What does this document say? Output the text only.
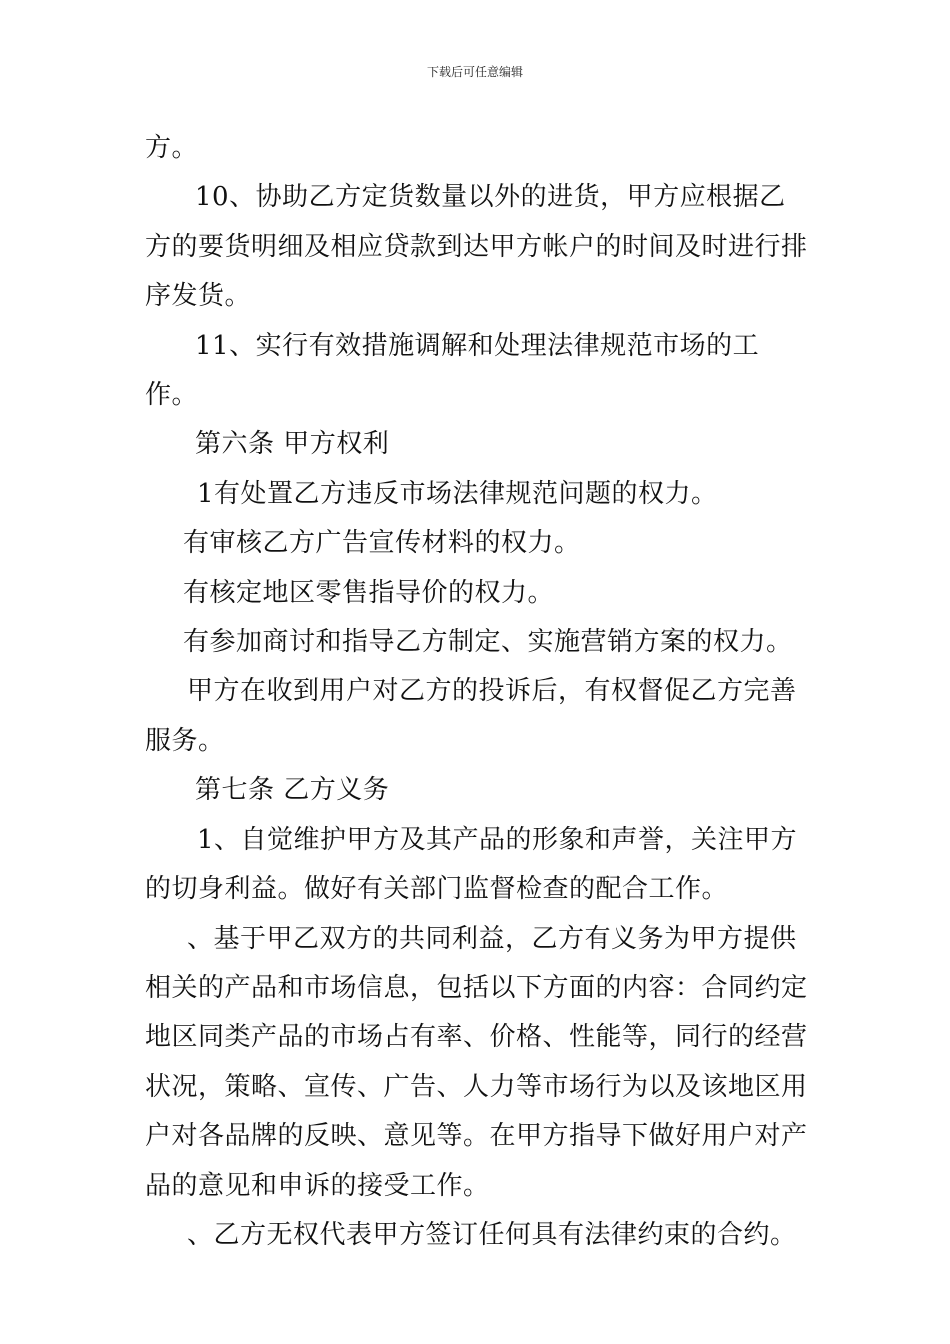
下载后可任意编辑

方。

10、协助乙方定货数量以外的进货，甲方应根据乙方的要货明细及相应贷款到达甲方帐户的时间及时进行排序发货。

11、实行有效措施调解和处理法律规范市场的工作。

第六条 甲方权利

1有处置乙方违反市场法律规范问题的权力。

有审核乙方广告宣传材料的权力。

有核定地区零售指导价的权力。

有参加商讨和指导乙方制定、实施营销方案的权力。

甲方在收到用户对乙方的投诉后，有权督促乙方完善服务。

第七条 乙方义务

1、自觉维护甲方及其产品的形象和声誉，关注甲方的切身利益。做好有关部门监督检查的配合工作。

、基于甲乙双方的共同利益，乙方有义务为甲方提供相关的产品和市场信息，包括以下方面的内容：合同约定地区同类产品的市场占有率、价格、性能等，同行的经营状况，策略、宣传、广告、人力等市场行为以及该地区用户对各品牌的反映、意见等。在甲方指导下做好用户对产品的意见和申诉的接受工作。

、乙方无权代表甲方签订任何具有法律约束的合约。
